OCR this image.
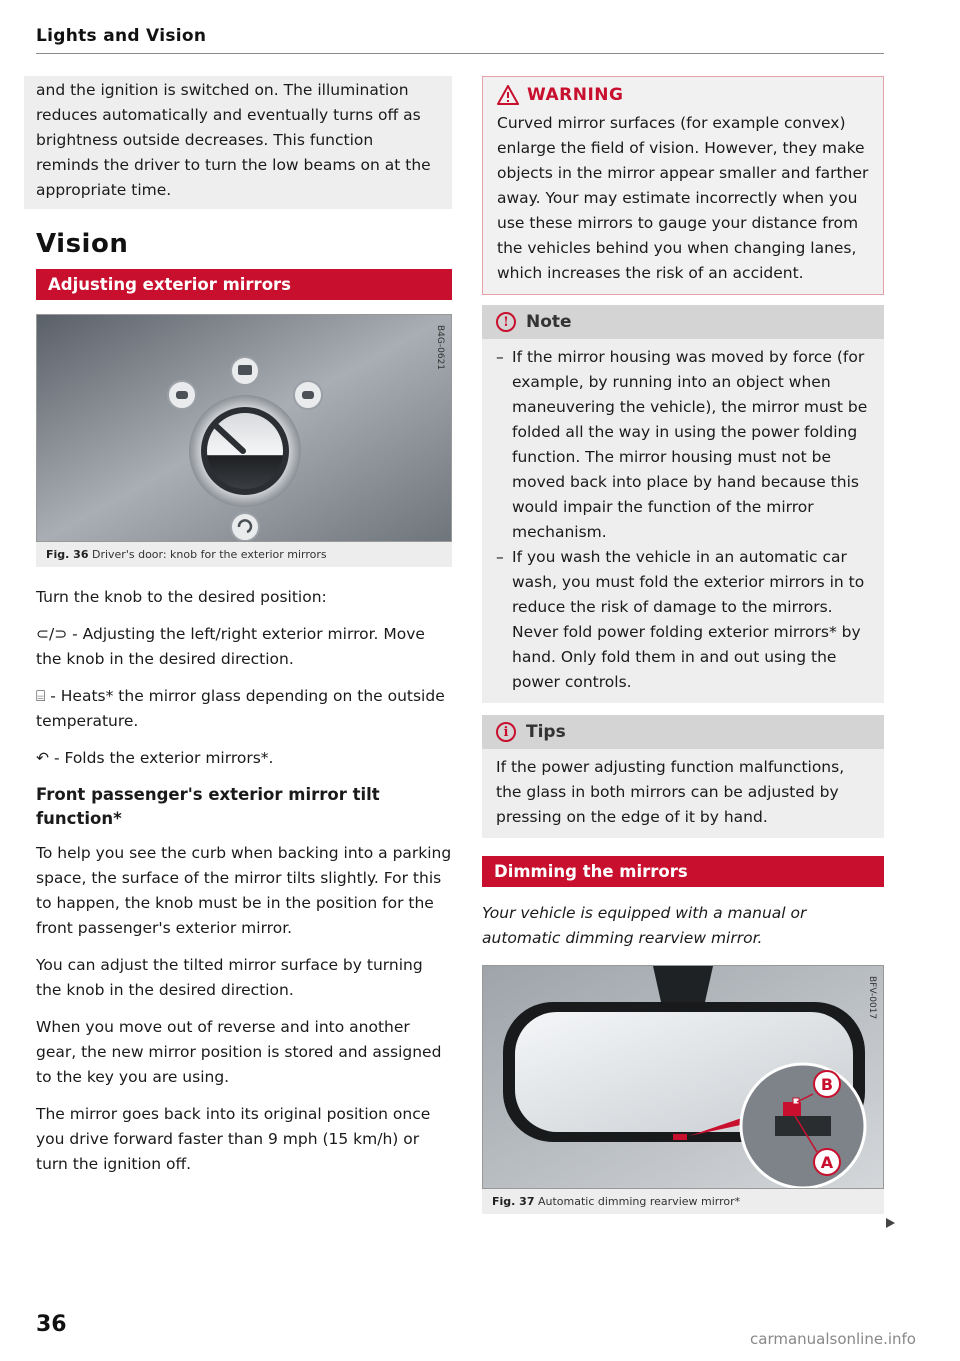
Lights and Vision

and the ignition is switched on. The illumination reduces automatically and eventually turns off as brightness outside decreases. This function reminds the driver to turn the low beams on at the appropriate time.

Vision
Adjusting exterior mirrors
B4G-0621
Fig. 36 Driver's door: knob for the exterior mirrors

Turn the knob to the desired position:

⊂/⊃ - Adjusting the left/right exterior mirror. Move the knob in the desired direction.

⌸ - Heats* the mirror glass depending on the outside temperature.

↶ - Folds the exterior mirrors*.

Front passenger's exterior mirror tilt function*

To help you see the curb when backing into a parking space, the surface of the mirror tilts slightly. For this to happen, the knob must be in the position for the front passenger's exterior mirror.

You can adjust the tilted mirror surface by turning the knob in the desired direction.

When you move out of reverse and into another gear, the new mirror position is stored and assigned to the key you are using.

The mirror goes back into its original position once you drive forward faster than 9 mph (15 km/h) or turn the ignition off.

WARNING
Curved mirror surfaces (for example convex) enlarge the field of vision. However, they make objects in the mirror appear smaller and farther away. Your may estimate incorrectly when you use these mirrors to gauge your distance from the vehicles behind you when changing lanes, which increases the risk of an accident.
!	Note
– If the mirror housing was moved by force (for example, by running into an object when maneuvering the vehicle), the mirror must be folded all the way in using the power folding function. The mirror housing must not be moved back into place by hand because this would impair the function of the mirror mechanism.
– If you wash the vehicle in an automatic car wash, you must fold the exterior mirrors in to reduce the risk of damage to the mirrors. Never fold power folding exterior mirrors* by hand. Only fold them in and out using the power controls.
i	Tips

If the power adjusting function malfunctions, the glass in both mirrors can be adjusted by pressing on the edge of it by hand.

Dimming the mirrors

Your vehicle is equipped with a manual or automatic dimming rearview mirror.

B
A
BFV-0017
Fig. 37 Automatic dimming rearview mirror*
36
carmanualsonline.info
